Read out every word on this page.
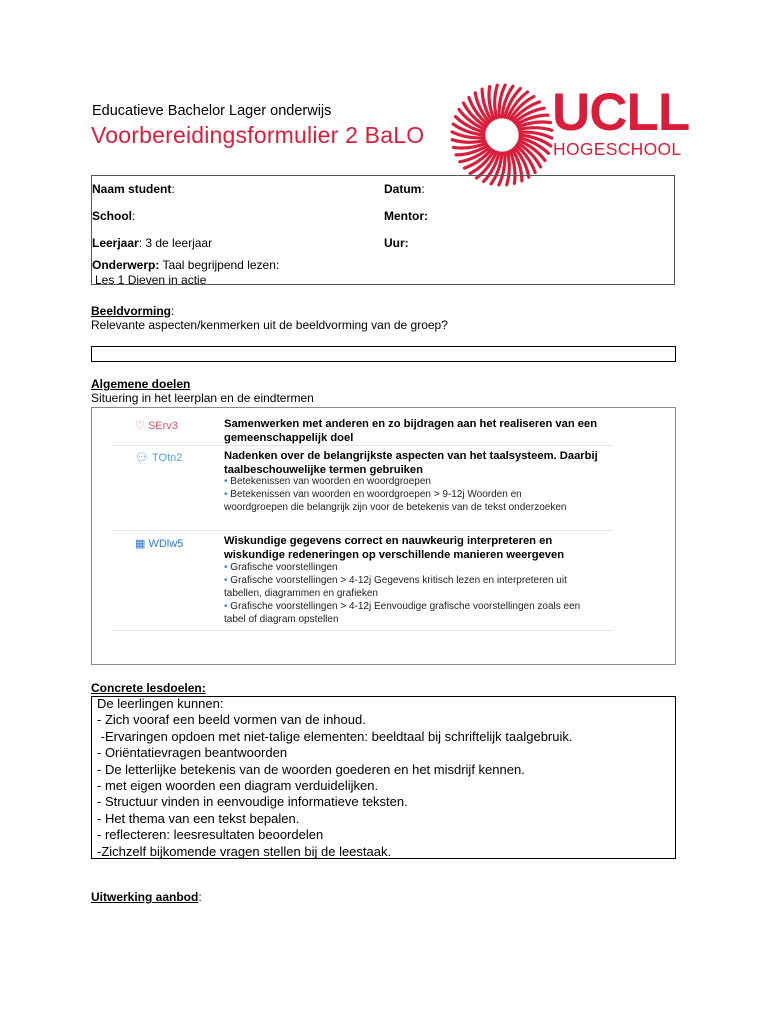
Educatieve Bachelor Lager onderwijs
Voorbereidingsformulier 2 BaLO UCLL
HOGESCHOOL
Naam student:	Datum:
School:	Mentor:
Leerjaar: 3 de leerjaar	Uur:
Onderwerp: Taal begrijpend lezen:
Les 1 Dieven in actie
Beeldvorming:
Relevante aspecten/kenmerken uit de beeldvorming van de groep?
Algemene doelen
Situering in het leerplan en de eindtermen
♡ SErv3	Samenwerken met anderen en zo bijdragen aan het realiseren van een gemeenschappelijk doel
💬︎ TOtn2	Nadenken over de belangrijkste aspecten van het taalsysteem. Daarbij taalbeschouwelijke termen gebruiken
• Betekenissen van woorden en woordgroepen
• Betekenissen van woorden en woordgroepen > 9-12j Woorden en woordgroepen die belangrijk zijn voor de betekenis van de tekst onderzoeken
▦ WDlw5	Wiskundige gegevens correct en nauwkeurig interpreteren en wiskundige redeneringen op verschillende manieren weergeven
• Grafische voorstellingen
• Grafische voorstellingen > 4-12j Gegevens kritisch lezen en interpreteren uit tabellen, diagrammen en grafieken
• Grafische voorstellingen > 4-12j Eenvoudige grafische voorstellingen zoals een tabel of diagram opstellen
Concrete lesdoelen:
De leerlingen kunnen:
- Zich vooraf een beeld vormen van de inhoud.
-Ervaringen opdoen met niet-talige elementen: beeldtaal bij schriftelijk taalgebruik.
- Oriëntatievragen beantwoorden
- De letterlijke betekenis van de woorden goederen en het misdrijf kennen.
- met eigen woorden een diagram verduidelijken.
- Structuur vinden in eenvoudige informatieve teksten.
- Het thema van een tekst bepalen.
- reflecteren: leesresultaten beoordelen
-Zichzelf bijkomende vragen stellen bij de leestaak.
Uitwerking aanbod:
